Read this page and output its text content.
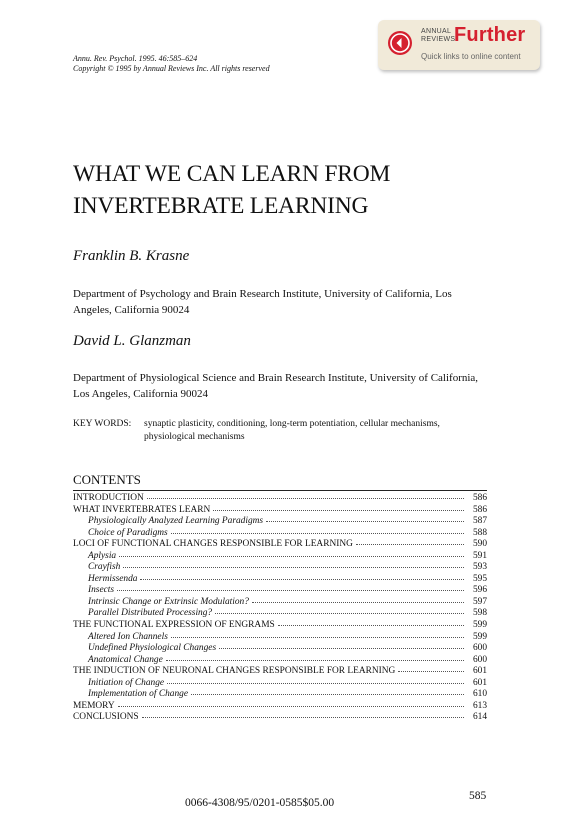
Annu. Rev. Psychol. 1995. 46:585–624
Copyright © 1995 by Annual Reviews Inc. All rights reserved
ANNUAL
REVIEWS
Further
Quick links to online content
WHAT WE CAN LEARN FROM
INVERTEBRATE LEARNING
Franklin B. Krasne
Department of Psychology and Brain Research Institute, University of California, Los Angeles, California 90024
David L. Glanzman
Department of Physiological Science and Brain Research Institute, University of California, Los Angeles, California 90024
KEY WORDS: synaptic plasticity, conditioning, long-term potentiation, cellular mechanisms, physiological mechanisms
CONTENTS
INTRODUCTION	586
WHAT INVERTEBRATES LEARN	586
Physiologically Analyzed Learning Paradigms	587
Choice of Paradigms	588
LOCI OF FUNCTIONAL CHANGES RESPONSIBLE FOR LEARNING	590
Aplysia	591
Crayfish	593
Hermissenda	595
Insects	596
Intrinsic Change or Extrinsic Modulation?	597
Parallel Distributed Processing?	598
THE FUNCTIONAL EXPRESSION OF ENGRAMS	599
Altered Ion Channels	599
Undefined Physiological Changes	600
Anatomical Change	600
THE INDUCTION OF NEURONAL CHANGES RESPONSIBLE FOR LEARNING	601
Initiation of Change	601
Implementation of Change	610
MEMORY	613
CONCLUSIONS	614
0066-4308/95/0201-0585$05.00
585
